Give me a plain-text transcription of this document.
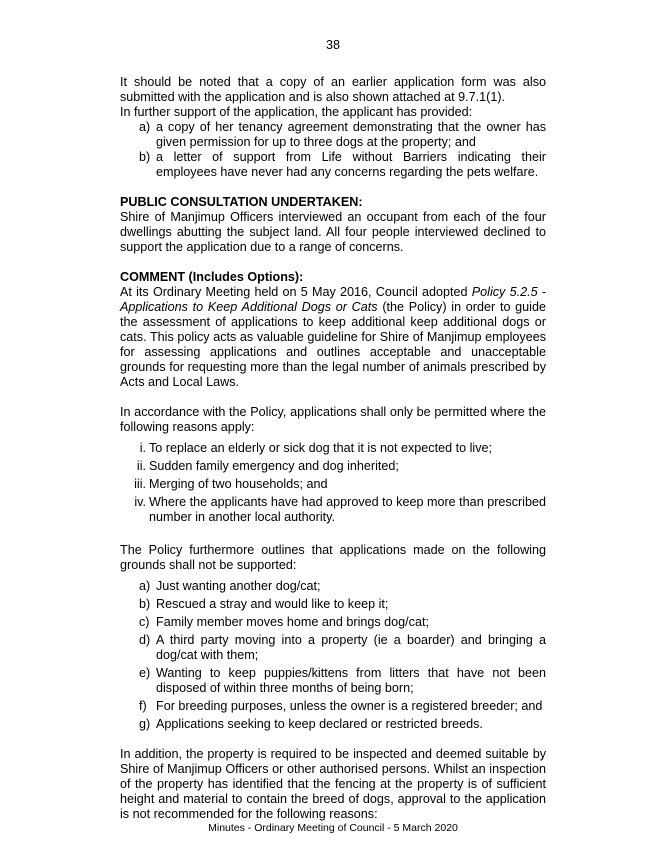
38

It should be noted that a copy of an earlier application form was also submitted with the application and is also shown attached at 9.7.1(1).

In further support of the application, the applicant has provided:

a) a copy of her tenancy agreement demonstrating that the owner has given permission for up to three dogs at the property; and
b) a letter of support from Life without Barriers indicating their employees have never had any concerns regarding the pets welfare.
PUBLIC CONSULTATION UNDERTAKEN:

Shire of Manjimup Officers interviewed an occupant from each of the four dwellings abutting the subject land. All four people interviewed declined to support the application due to a range of concerns.

COMMENT (Includes Options):

At its Ordinary Meeting held on 5 May 2016, Council adopted Policy 5.2.5 - Applications to Keep Additional Dogs or Cats (the Policy) in order to guide the assessment of applications to keep additional keep additional dogs or cats. This policy acts as valuable guideline for Shire of Manjimup employees for assessing applications and outlines acceptable and unacceptable grounds for requesting more than the legal number of animals prescribed by Acts and Local Laws.

In accordance with the Policy, applications shall only be permitted where the following reasons apply:

i. To replace an elderly or sick dog that it is not expected to live;
ii. Sudden family emergency and dog inherited;
iii. Merging of two households; and
iv. Where the applicants have had approved to keep more than prescribed number in another local authority.

The Policy furthermore outlines that applications made on the following grounds shall not be supported:

a) Just wanting another dog/cat;
b) Rescued a stray and would like to keep it;
c) Family member moves home and brings dog/cat;
d) A third party moving into a property (ie a boarder) and bringing a dog/cat with them;
e) Wanting to keep puppies/kittens from litters that have not been disposed of within three months of being born;
f) For breeding purposes, unless the owner is a registered breeder; and
g) Applications seeking to keep declared or restricted breeds.

In addition, the property is required to be inspected and deemed suitable by Shire of Manjimup Officers or other authorised persons. Whilst an inspection of the property has identified that the fencing at the property is of sufficient height and material to contain the breed of dogs, approval to the application is not recommended for the following reasons:

Minutes - Ordinary Meeting of Council - 5 March 2020
